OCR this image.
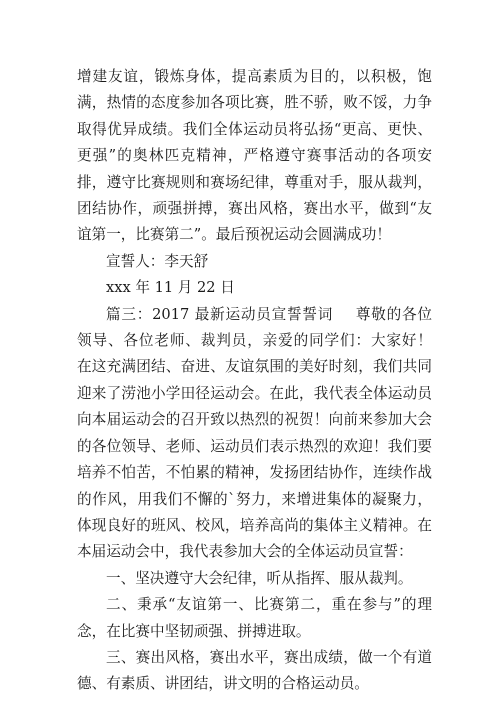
增建友谊，锻炼身体，提高素质为目的，以积极，饱满，热情的态度参加各项比赛，胜不骄，败不馁，力争取得优异成绩。我们全体运动员将弘扬“更高、更快、更强”的奥林匹克精神，严格遵守赛事活动的各项安排，遵守比赛规则和赛场纪律，尊重对手，服从裁判，团结协作，顽强拼搏，赛出风格，赛出水平，做到“友谊第一，比赛第二”。最后预祝运动会圆满成功！

宣誓人：李天舒

xxx 年 11 月 22 日

篇三：2017 最新运动员宣誓誓词 尊敬的各位领导、各位老师、裁判员，亲爱的同学们：大家好！　在这充满团结、奋进、友谊氛围的美好时刻，我们共同迎来了涝池小学田径运动会。在此，我代表全体运动员向本届运动会的召开致以热烈的祝贺！向前来参加大会的各位领导、老师、运动员们表示热烈的欢迎！我们要培养不怕苦，不怕累的精神，发扬团结协作，连续作战的作风，用我们不懈的`努力，来增进集体的凝聚力，体现良好的班风、校风，培养高尚的集体主义精神。在本届运动会中，我代表参加大会的全体运动员宣誓：

一、坚决遵守大会纪律，听从指挥、服从裁判。

二、秉承“友谊第一、比赛第二，重在参与”的理念，在比赛中坚韧顽强、拼搏进取。

三、赛出风格，赛出水平，赛出成绩，做一个有道德、有素质、讲团结，讲文明的合格运动员。
